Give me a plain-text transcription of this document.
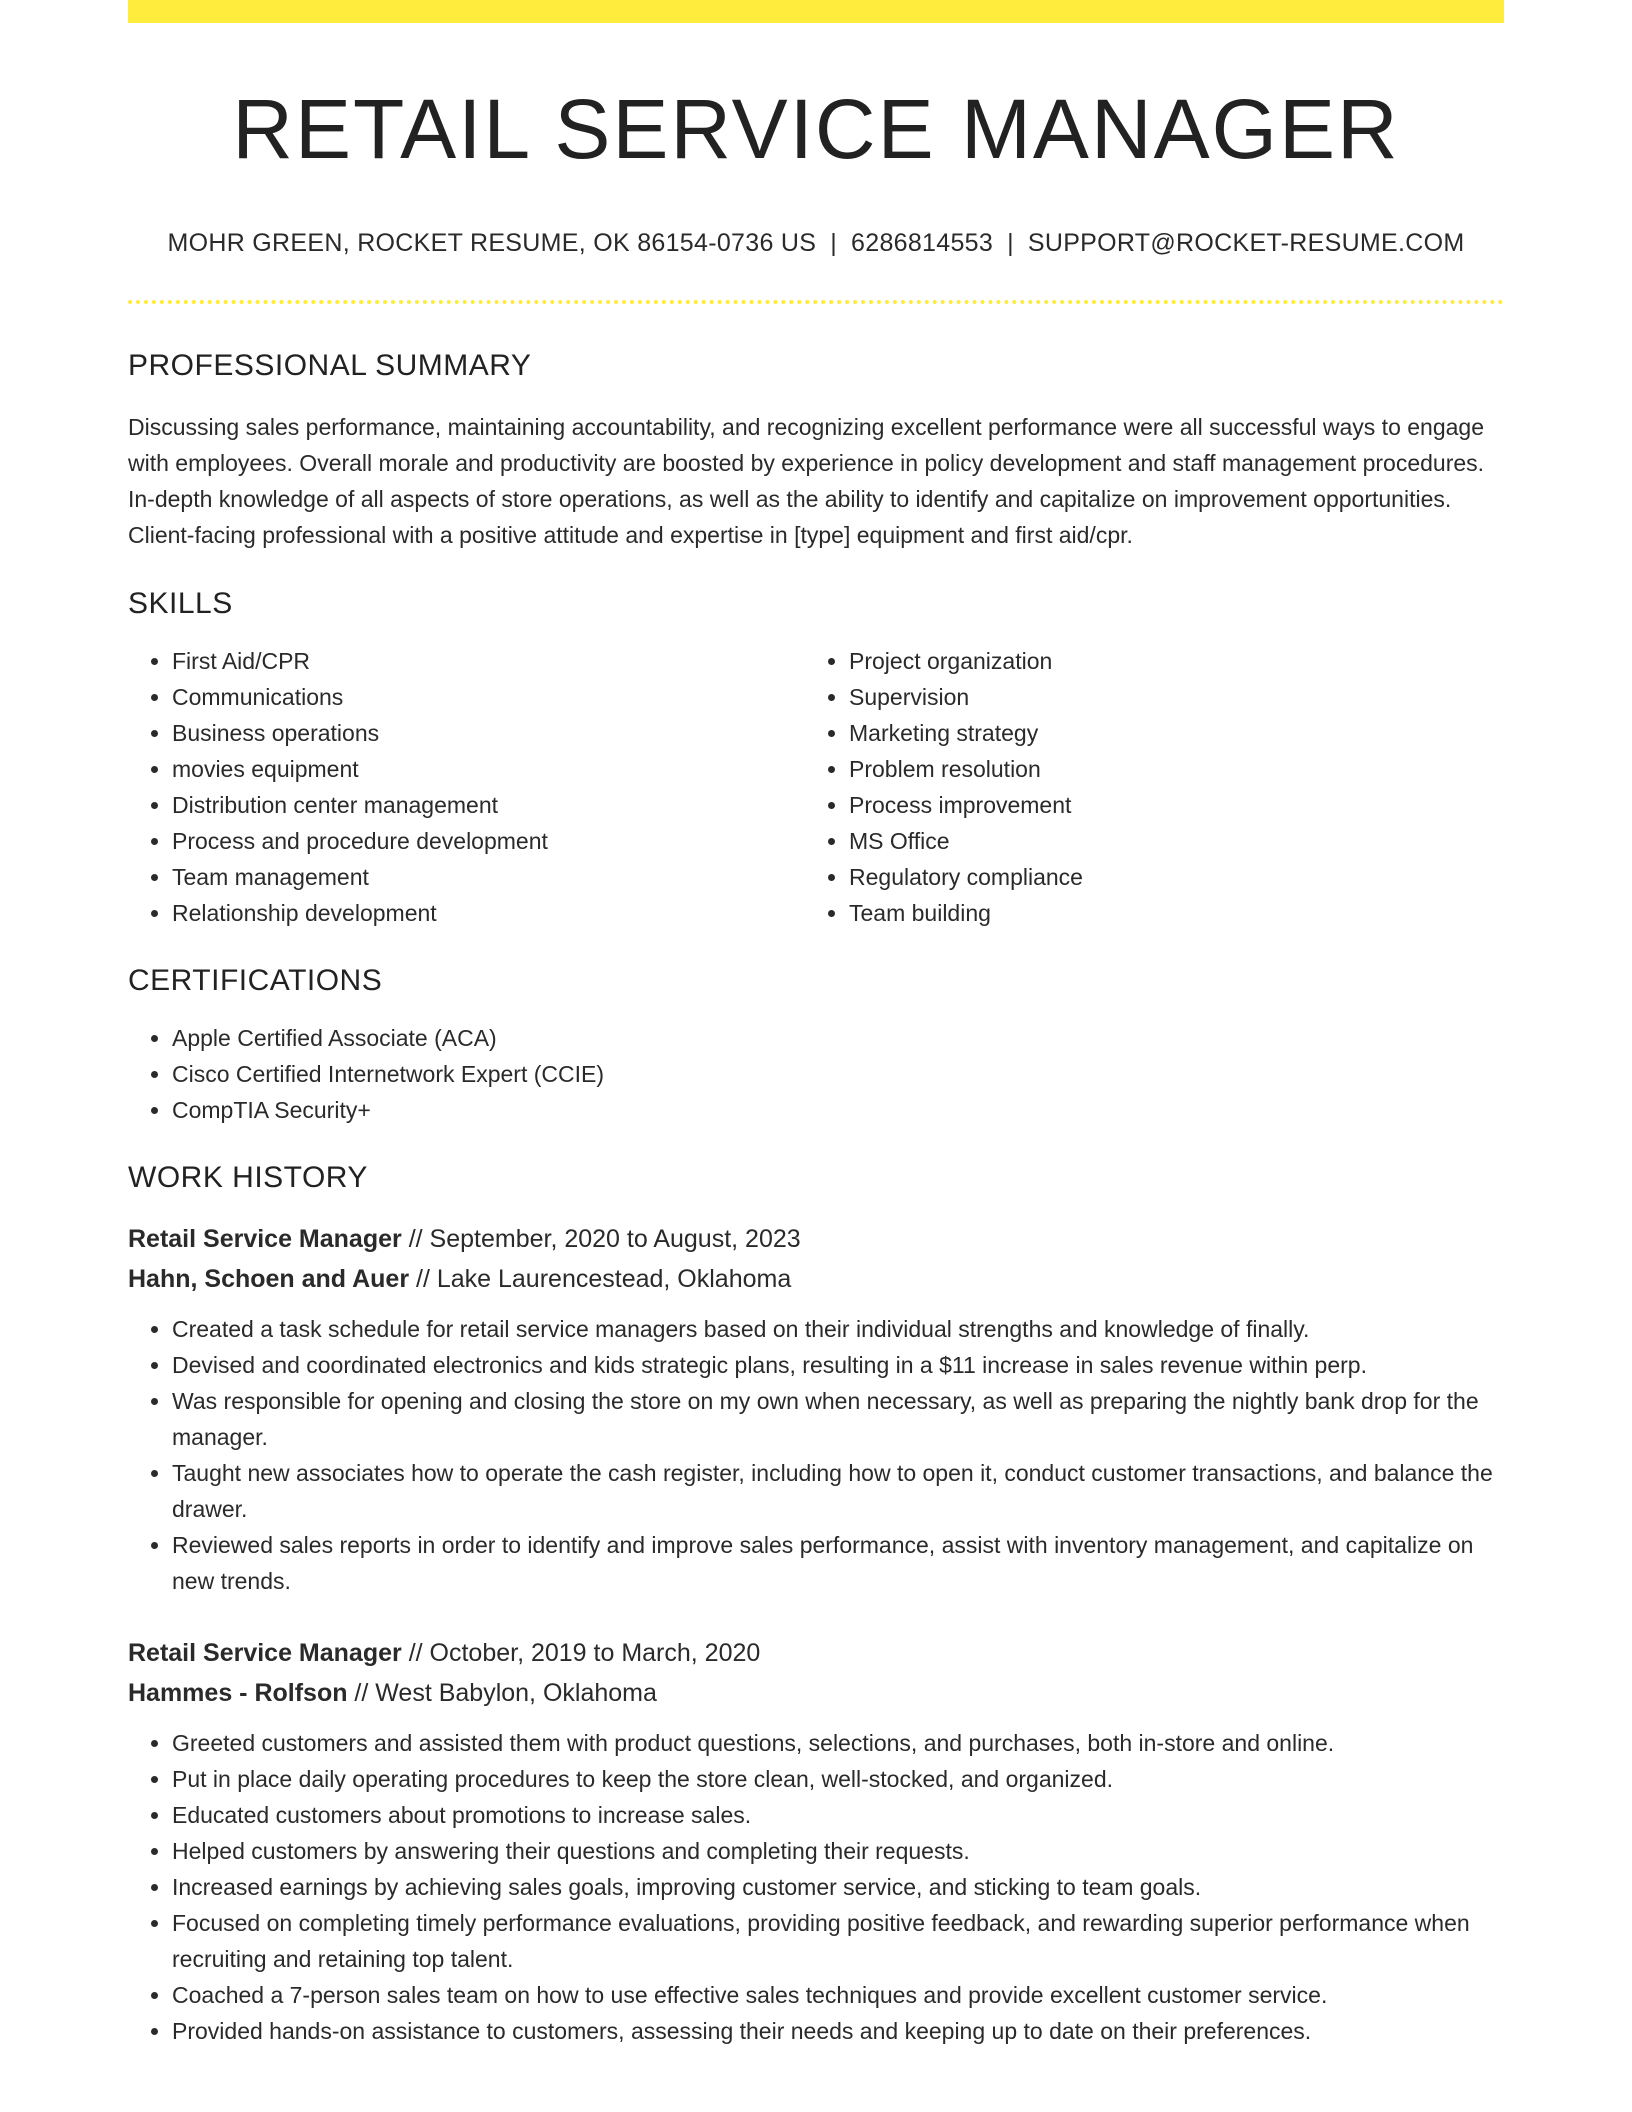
RETAIL SERVICE MANAGER
MOHR GREEN, ROCKET RESUME, OK 86154-0736 US | 6286814553 | SUPPORT@ROCKET-RESUME.COM
PROFESSIONAL SUMMARY

Discussing sales performance, maintaining accountability, and recognizing excellent performance were all successful ways to engage with employees. Overall morale and productivity are boosted by experience in policy development and staff management procedures. In-depth knowledge of all aspects of store operations, as well as the ability to identify and capitalize on improvement opportunities. Client-facing professional with a positive attitude and expertise in [type] equipment and first aid/cpr.

SKILLS
• First Aid/CPR
• Communications
• Business operations
• movies equipment
• Distribution center management
• Process and procedure development
• Team management
• Relationship development
• Project organization
• Supervision
• Marketing strategy
• Problem resolution
• Process improvement
• MS Office
• Regulatory compliance
• Team building
CERTIFICATIONS
• Apple Certified Associate (ACA)
• Cisco Certified Internetwork Expert (CCIE)
• CompTIA Security+
WORK HISTORY
Retail Service Manager // September, 2020 to August, 2023
Hahn, Schoen and Auer // Lake Laurencestead, Oklahoma
• Created a task schedule for retail service managers based on their individual strengths and knowledge of finally.
• Devised and coordinated electronics and kids strategic plans, resulting in a $11 increase in sales revenue within perp.
• Was responsible for opening and closing the store on my own when necessary, as well as preparing the nightly bank drop for the manager.
• Taught new associates how to operate the cash register, including how to open it, conduct customer transactions, and balance the drawer.
• Reviewed sales reports in order to identify and improve sales performance, assist with inventory management, and capitalize on new trends.
Retail Service Manager // October, 2019 to March, 2020
Hammes - Rolfson // West Babylon, Oklahoma
• Greeted customers and assisted them with product questions, selections, and purchases, both in-store and online.
• Put in place daily operating procedures to keep the store clean, well-stocked, and organized.
• Educated customers about promotions to increase sales.
• Helped customers by answering their questions and completing their requests.
• Increased earnings by achieving sales goals, improving customer service, and sticking to team goals.
• Focused on completing timely performance evaluations, providing positive feedback, and rewarding superior performance when recruiting and retaining top talent.
• Coached a 7-person sales team on how to use effective sales techniques and provide excellent customer service.
• Provided hands-on assistance to customers, assessing their needs and keeping up to date on their preferences.
